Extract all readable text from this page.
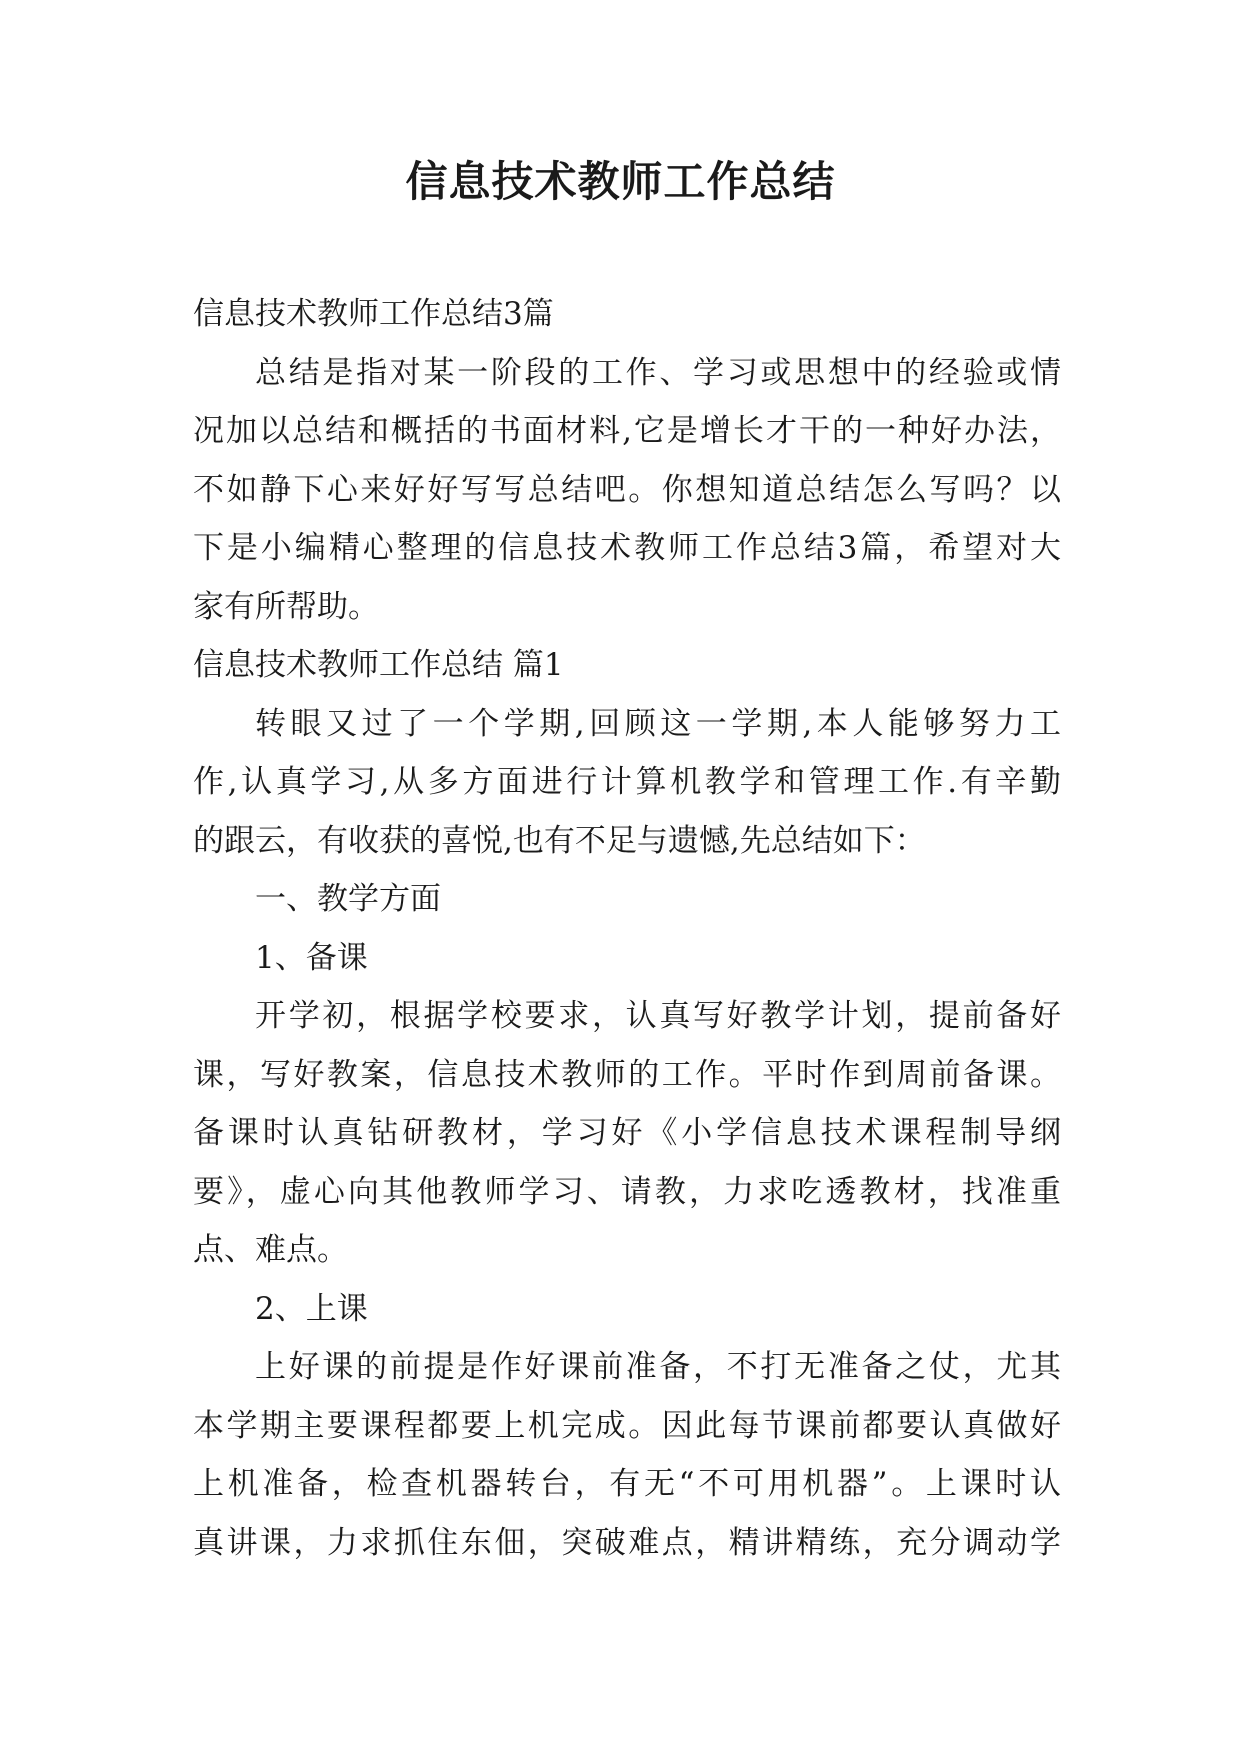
信息技术教师工作总结
信息技术教师工作总结3篇
总结是指对某一阶段的工作、学习或思想中的经验或情
况加以总结和概括的书面材料,它是增长才干的一种好办法，
不如静下心来好好写写总结吧。你想知道总结怎么写吗？以
下是小编精心整理的信息技术教师工作总结3篇，希望对大
家有所帮助。
信息技术教师工作总结 篇1
转眼又过了一个学期,回顾这一学期,本人能够努力工
作,认真学习,从多方面进行计算机教学和管理工作.有辛勤
的跟云，有收获的喜悦,也有不足与遗憾,先总结如下：
一、教学方面
1、备课
开学初，根据学校要求，认真写好教学计划，提前备好
课，写好教案，信息技术教师的工作。平时作到周前备课。
备课时认真钻研教材，学习好《小学信息技术课程制导纲
要》，虚心向其他教师学习、请教，力求吃透教材，找准重
点、难点。
2、上课
上好课的前提是作好课前准备，不打无准备之仗，尤其
本学期主要课程都要上机完成。因此每节课前都要认真做好
上机准备，检查机器转台，有无“不可用机器”。上课时认
真讲课，力求抓住东佃，突破难点，精讲精练，充分调动学
